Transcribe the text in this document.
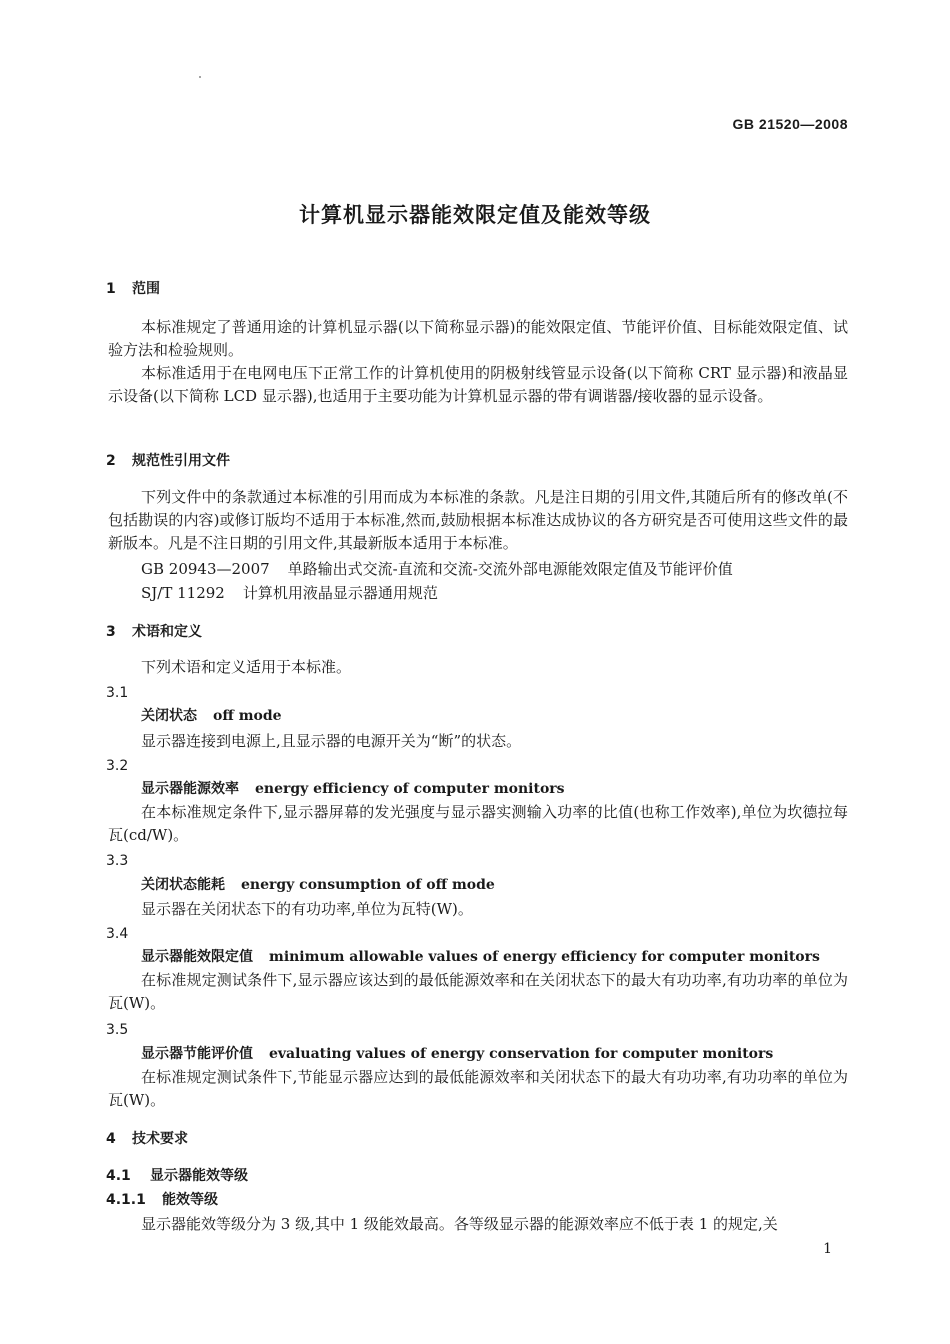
GB 21520—2008
计算机显示器能效限定值及能效等级
1 范围
本标准规定了普通用途的计算机显示器(以下简称显示器)的能效限定值、节能评价值、目标能效限定值、试验方法和检验规则。
本标准适用于在电网电压下正常工作的计算机使用的阴极射线管显示设备(以下简称 CRT 显示器)和液晶显示设备(以下简称 LCD 显示器),也适用于主要功能为计算机显示器的带有调谐器/接收器的显示设备。
2 规范性引用文件
下列文件中的条款通过本标准的引用而成为本标准的条款。凡是注日期的引用文件,其随后所有的修改单(不包括勘误的内容)或修订版均不适用于本标准,然而,鼓励根据本标准达成协议的各方研究是否可使用这些文件的最新版本。凡是不注日期的引用文件,其最新版本适用于本标准。
GB 20943—2007 单路输出式交流-直流和交流-交流外部电源能效限定值及节能评价值
SJ/T 11292 计算机用液晶显示器通用规范
3 术语和定义
下列术语和定义适用于本标准。
3.1
关闭状态 off mode
显示器连接到电源上,且显示器的电源开关为“断”的状态。
3.2
显示器能源效率 energy efficiency of computer monitors
在本标准规定条件下,显示器屏幕的发光强度与显示器实测输入功率的比值(也称工作效率),单位为坎德拉每瓦(cd/W)。
3.3
关闭状态能耗 energy consumption of off mode
显示器在关闭状态下的有功功率,单位为瓦特(W)。
3.4
显示器能效限定值 minimum allowable values of energy efficiency for computer monitors
在标准规定测试条件下,显示器应该达到的最低能源效率和在关闭状态下的最大有功功率,有功功率的单位为瓦(W)。
3.5
显示器节能评价值 evaluating values of energy conservation for computer monitors
在标准规定测试条件下,节能显示器应达到的最低能源效率和关闭状态下的最大有功功率,有功功率的单位为瓦(W)。
4 技术要求
4.1 显示器能效等级
4.1.1 能效等级
显示器能效等级分为 3 级,其中 1 级能效最高。各等级显示器的能源效率应不低于表 1 的规定,关
1
